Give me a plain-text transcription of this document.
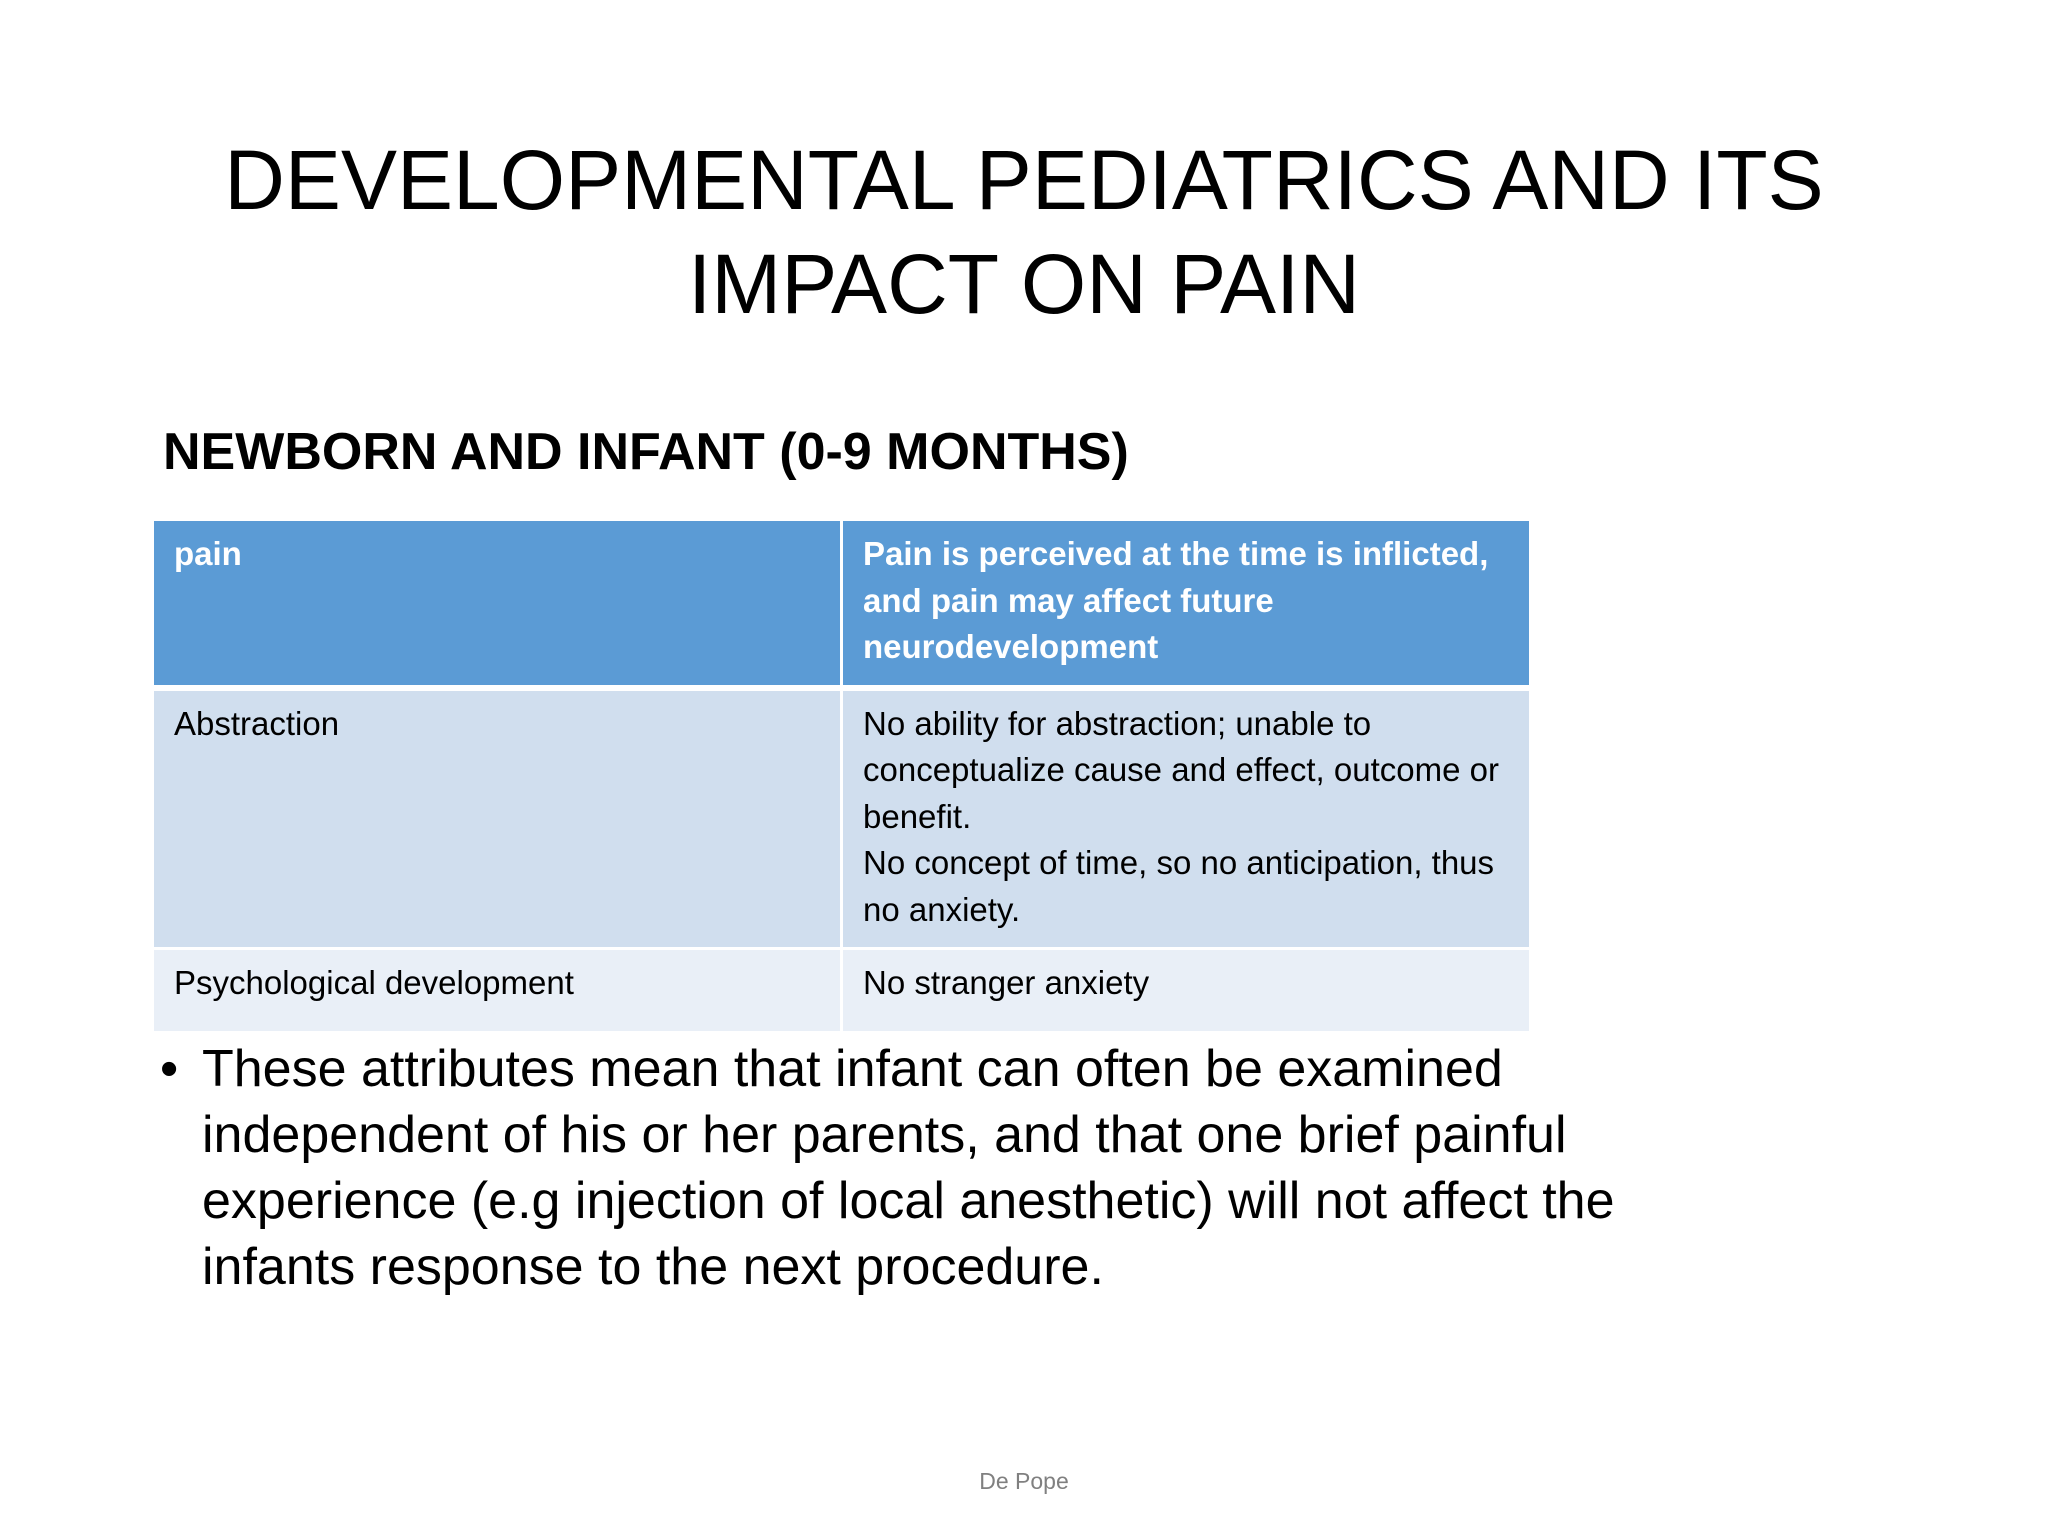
DEVELOPMENTAL PEDIATRICS AND ITS
IMPACT ON PAIN
NEWBORN AND INFANT (0-9 MONTHS)
pain	Pain is perceived at the time is inflicted, and pain may affect future neurodevelopment
Abstraction	No ability for abstraction; unable to conceptualize cause and effect, outcome or benefit.
No concept of time, so no anticipation, thus no anxiety.

Psychological development	No stranger anxiety
• These attributes mean that infant can often be examined independent of his or her parents, and that one brief painful experience (e.g injection of local anesthetic) will not affect the infants response to the next procedure.
De Pope
